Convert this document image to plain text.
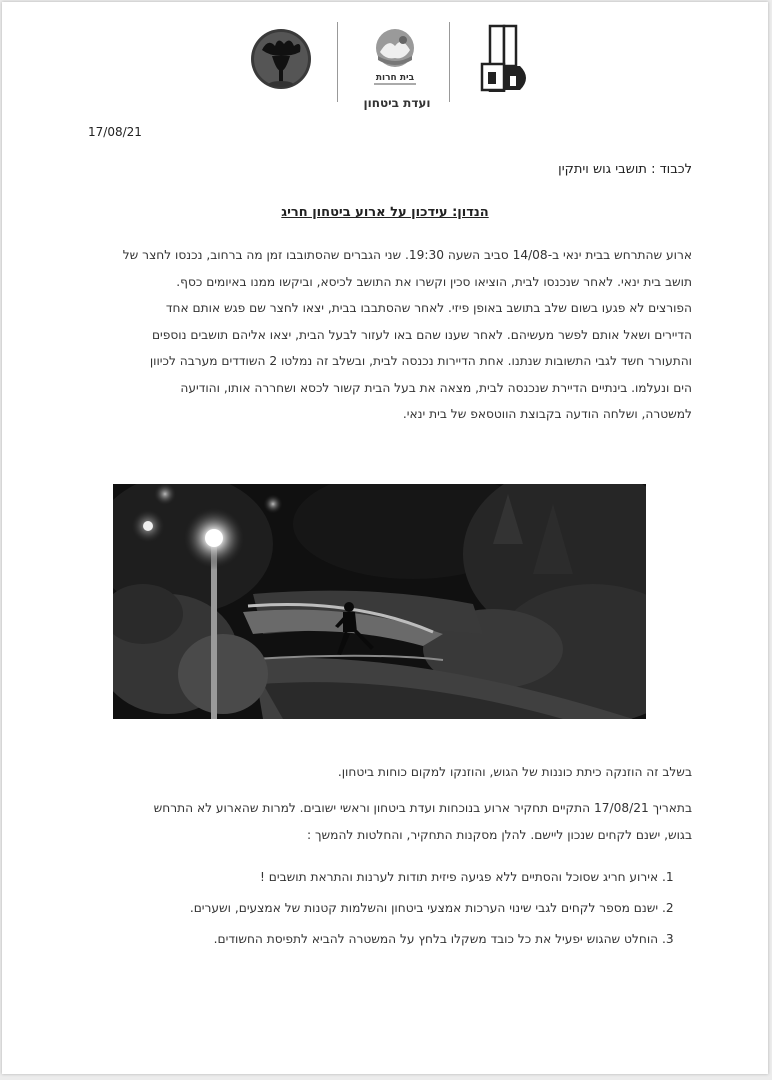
בית חרות
ועדת ביטחון
17/08/21
לכבוד : תושבי גוש ויתקין
הנדון: עידכון על ארוע ביטחון חריג
ארוע שהתרחש בבית ינאי ב-14/08 סביב השעה 19:30. שני הגברים שהסתובבו זמן מה ברחוב, נכנסו לחצר של
תושב בית ינאי. לאחר שנכנסו לבית, הוציאו סכין וקשרו את התושב לכיסא, וביקשו ממנו באיומים כסף.
הפורצים לא פגעו בשום שלב בתושב באופן פיזי. לאחר שהסתבבו בבית, יצאו לחצר שם פגש אותם אחד
הדיירים ושאל אותם לפשר מעשיהם. לאחר שענו שהם באו לעזור לבעל הבית, יצאו אליהם תושבים נוספים
והתעורר חשד לגבי התשובות שנתנו. אחת הדיירות נכנסה לבית, ובשלב זה נמלטו 2 השודדים מערבה לכיוון
הים ונעלמו. בינתיים הדיירת שנכנסה לבית, מצאה את בעל הבית קשור לכסא ושחררה אותו, והודיעה
למשטרה, ושלחה הודעה בקבוצת הווטסאפ של בית ינאי.
בשלב זה הוזנקה כיתת כוננות של הגוש, והוזנקו למקום כוחות ביטחון.
בתאריך 17/08/21 התקיים תחקיר ארוע בנוכחות ועדת ביטחון וראשי ישובים. למרות שהארוע לא התרחש
בגוש, ישנם לקחים שנכון ליישם. להלן מסקנות התחקיר, והחלטות להמשך :
1. אירוע חריג שסוכל והסתיים ללא פגיעה פיזית תודות לערנות והתראת תושבים !
2. ישנם מספר לקחים לגבי שינוי הערכות אמצעי ביטחון והשלמות קטנות של אמצעים, ושערים.
3. הוחלט שהגוש יפעיל את כל כובד משקלו בלחץ על המשטרה להביא לתפיסת החשודים.
